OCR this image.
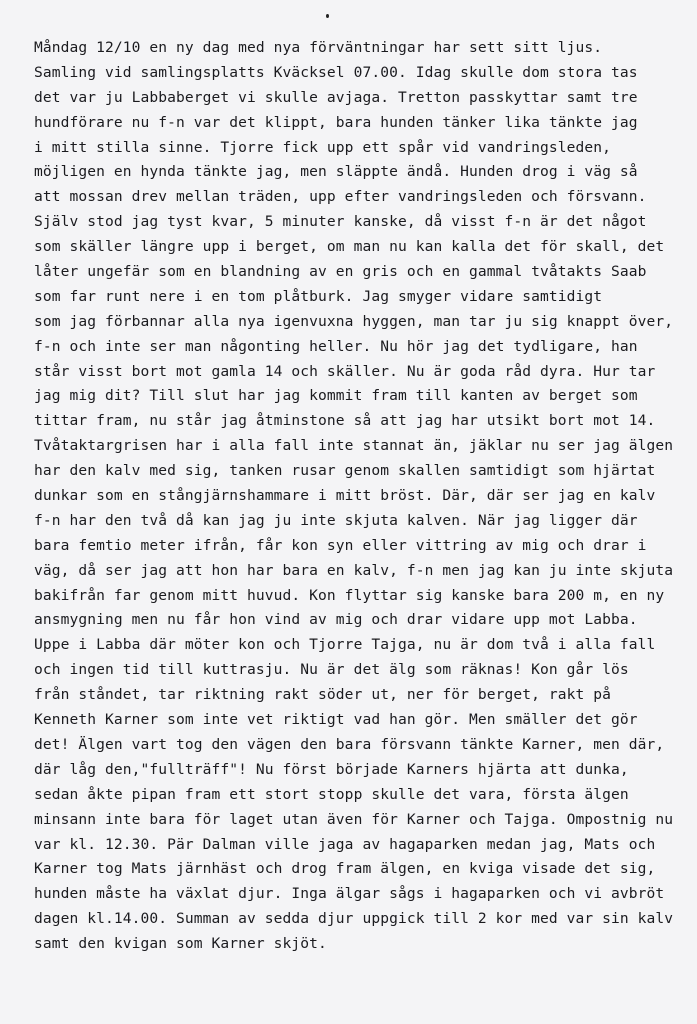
Måndag 12/10 en ny dag med nya förväntningar har sett sitt ljus.
Samling vid samlingsplatts Kväcksel 07.00. Idag skulle dom stora tas
det var ju Labbaberget vi skulle avjaga. Tretton passkyttar samt tre
hundförare nu f-n var det klippt, bara hunden tänker lika tänkte jag
i mitt stilla sinne. Tjorre fick upp ett spår vid vandringsleden,
möjligen en hynda tänkte jag, men släppte ändå. Hunden drog i väg så
att mossan drev mellan träden, upp efter vandringsleden och försvann.
Själv stod jag tyst kvar, 5 minuter kanske, då visst f-n är det något
som skäller längre upp i berget, om man nu kan kalla det för skall, det
låter ungefär som en blandning av en gris och en gammal tvåtakts Saab
som far runt nere i en tom plåtburk. Jag smyger vidare samtidigt
som jag förbannar alla nya igenvuxna hyggen, man tar ju sig knappt över,
f-n och inte ser man någonting heller. Nu hör jag det tydligare, han
står visst bort mot gamla 14 och skäller. Nu är goda råd dyra. Hur tar
jag mig dit? Till slut har jag kommit fram till kanten av berget som
tittar fram, nu står jag åtminstone så att jag har utsikt bort mot 14.
Tvåtaktargrisen har i alla fall inte stannat än, jäklar nu ser jag älgen
har den kalv med sig, tanken rusar genom skallen samtidigt som hjärtat
dunkar som en stångjärnshammare i mitt bröst. Där, där ser jag en kalv
f-n har den två då kan jag ju inte skjuta kalven. När jag ligger där
bara femtio meter ifrån, får kon syn eller vittring av mig och drar i
väg, då ser jag att hon har bara en kalv, f-n men jag kan ju inte skjuta
bakifrån far genom mitt huvud. Kon flyttar sig kanske bara 200 m, en ny
ansmygning men nu får hon vind av mig och drar vidare upp mot Labba.
Uppe i Labba där möter kon och Tjorre Tajga, nu är dom två i alla fall
och ingen tid till kuttrasju. Nu är det älg som räknas! Kon går lös
från ståndet, tar riktning rakt söder ut, ner för berget, rakt på
Kenneth Karner som inte vet riktigt vad han gör. Men smäller det gör
det! Älgen vart tog den vägen den bara försvann tänkte Karner, men där,
där låg den,"fullträff"! Nu först började Karners hjärta att dunka,
sedan åkte pipan fram ett stort stopp skulle det vara, första älgen
minsann inte bara för laget utan även för Karner och Tajga. Ompostnig nu
var kl. 12.30. Pär Dalman ville jaga av hagaparken medan jag, Mats och
Karner tog Mats järnhäst och drog fram älgen, en kviga visade det sig,
hunden måste ha växlat djur. Inga älgar sågs i hagaparken och vi avbröt
dagen kl.14.00. Summan av sedda djur uppgick till 2 kor med var sin kalv
samt den kvigan som Karner skjöt.
